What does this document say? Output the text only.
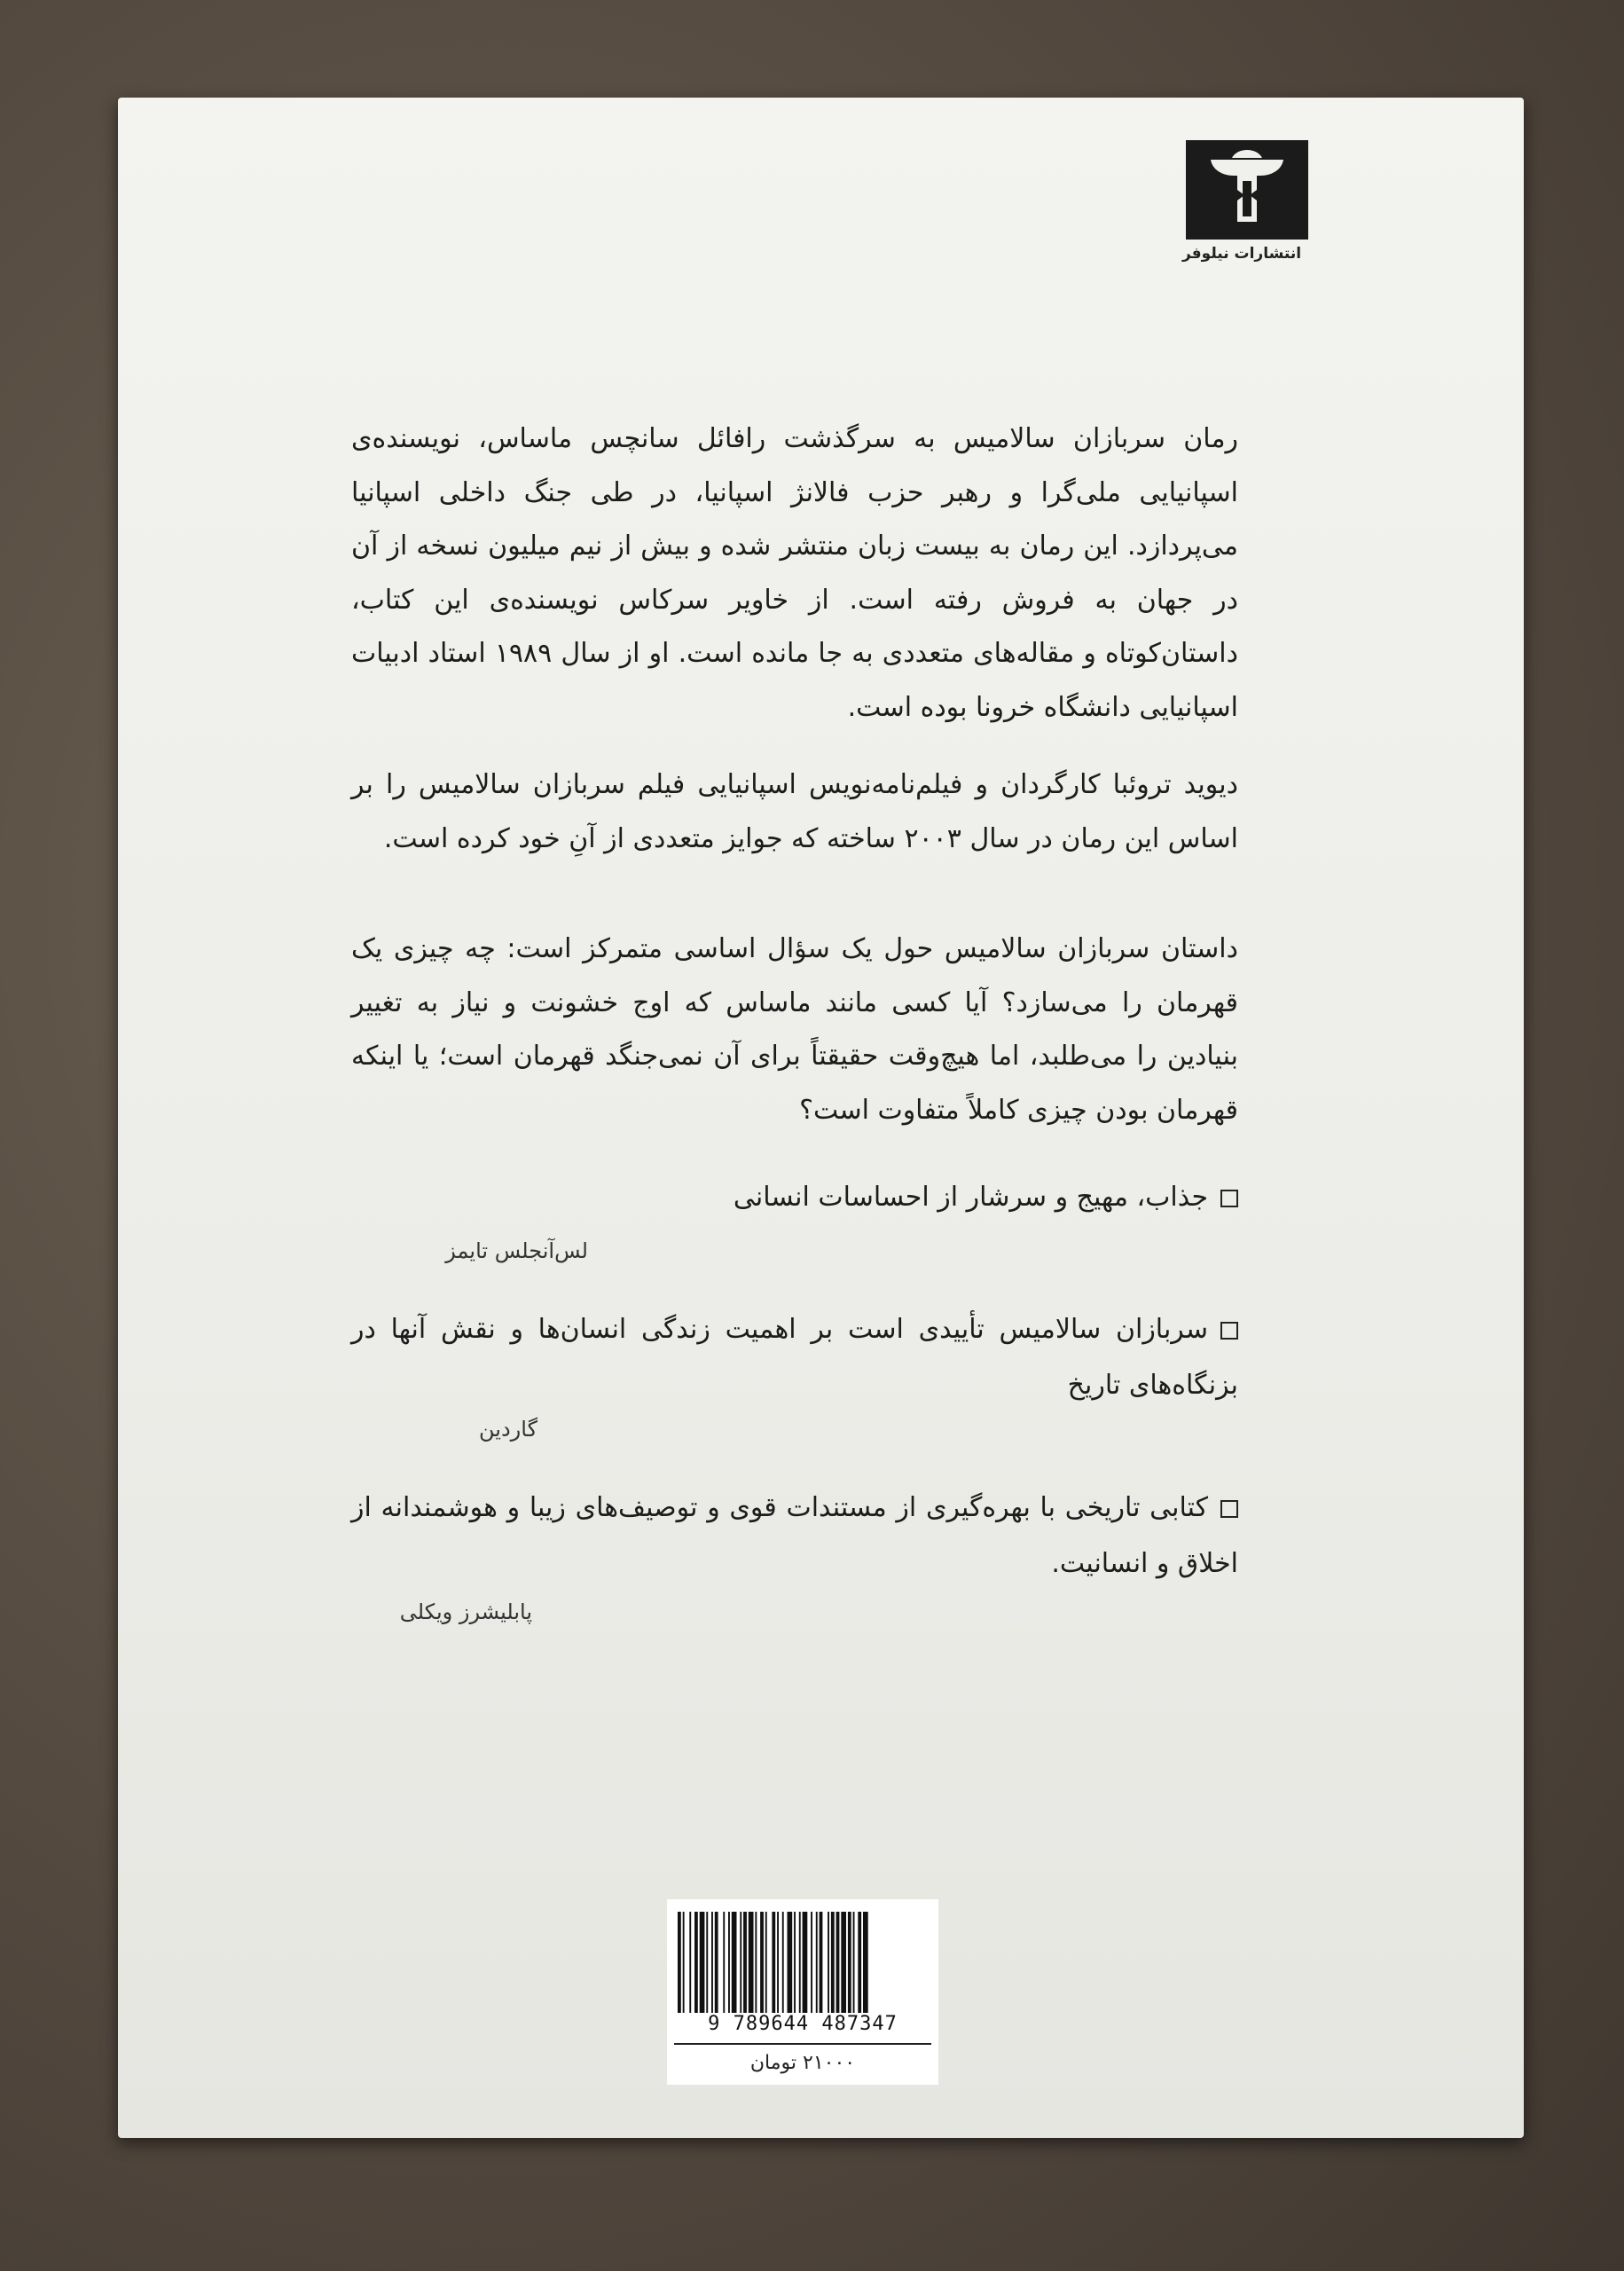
انتشارات نیلوفر
رمان سربازان سالامیس به سرگذشت رافائل سانچس ماساس، نویسنده‌ی اسپانیایی ملی‌گرا و رهبر حزب فالانژ اسپانیا، در طی جنگ داخلی اسپانیا می‌پردازد. این رمان به بیست زبان منتشر شده و بیش از نیم میلیون نسخه از آن در جهان به فروش رفته است. از خاویر سرکاس نویسنده‌ی این کتاب، داستان‌کوتاه و مقاله‌های متعددی به جا مانده است. او از سال ۱۹۸۹ استاد ادبیات اسپانیایی دانشگاه خرونا بوده است.
دیوید تروئبا کارگردان و فیلم‌نامه‌نویس اسپانیایی فیلم سربازان سالامیس را بر اساس این رمان در سال ۲۰۰۳ ساخته که جوایز متعددی از آنِ خود کرده است.
داستان سربازان سالامیس حول یک سؤال اساسی متمرکز است: چه چیزی یک قهرمان را می‌سازد؟ آیا کسی مانند ماساس که اوج خشونت و نیاز به تغییر بنیادین را می‌طلبد، اما هیچ‌وقت حقیقتاً برای آن نمی‌جنگد قهرمان است؛ یا اینکه قهرمان بودن چیزی کاملاً متفاوت است؟
جذاب، مهیج و سرشار از احساسات انسانی
لس‌آنجلس تایمز
سربازان سالامیس تأییدی است بر اهمیت زندگی انسان‌ها و نقش آنها در بزنگاه‌های تاریخ
گاردین
کتابی تاریخی با بهره‌گیری از مستندات قوی و توصیف‌های زیبا و هوشمندانه از اخلاق و انسانیت.
پابلیشرز ویکلی
9 789644 487347
۲۱۰۰۰ تومان
